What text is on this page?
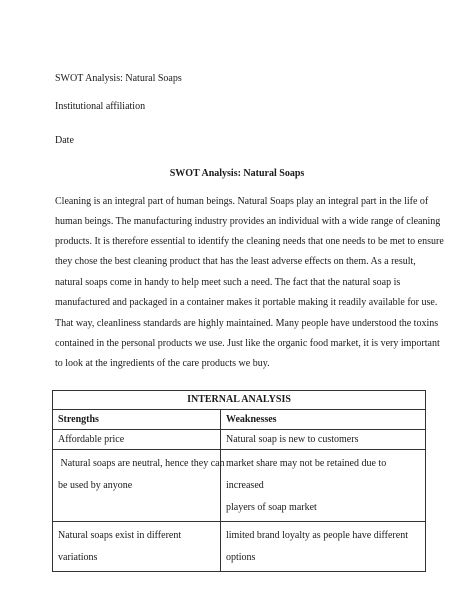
SWOT Analysis: Natural Soaps
Institutional affiliation
Date
SWOT Analysis: Natural Soaps
Cleaning is an integral part of human beings. Natural Soaps play an integral part in the life of
human beings. The manufacturing industry provides an individual with a wide range of cleaning
products. It is therefore essential to identify the cleaning needs that one needs to be met to ensure
they chose the best cleaning product that has the least adverse effects on them. As a result,
natural soaps come in handy to help meet such a need. The fact that the natural soap is
manufactured and packaged in a container makes it portable making it readily available for use.
That way, cleanliness standards are highly maintained. Many people have understood the toxins
contained in the personal products we use. Just like the organic food market, it is very important
to look at the ingredients of the care products we buy.
INTERNAL ANALYSIS	
Strengths	Weaknesses

Affordable price	Natural soap is new to customers

Natural soaps are neutral, hence they can
be used by anyone	market share may not be retained due to increased
players of soap market

Natural soaps exist in different variations	limited brand loyalty as people have different
options
